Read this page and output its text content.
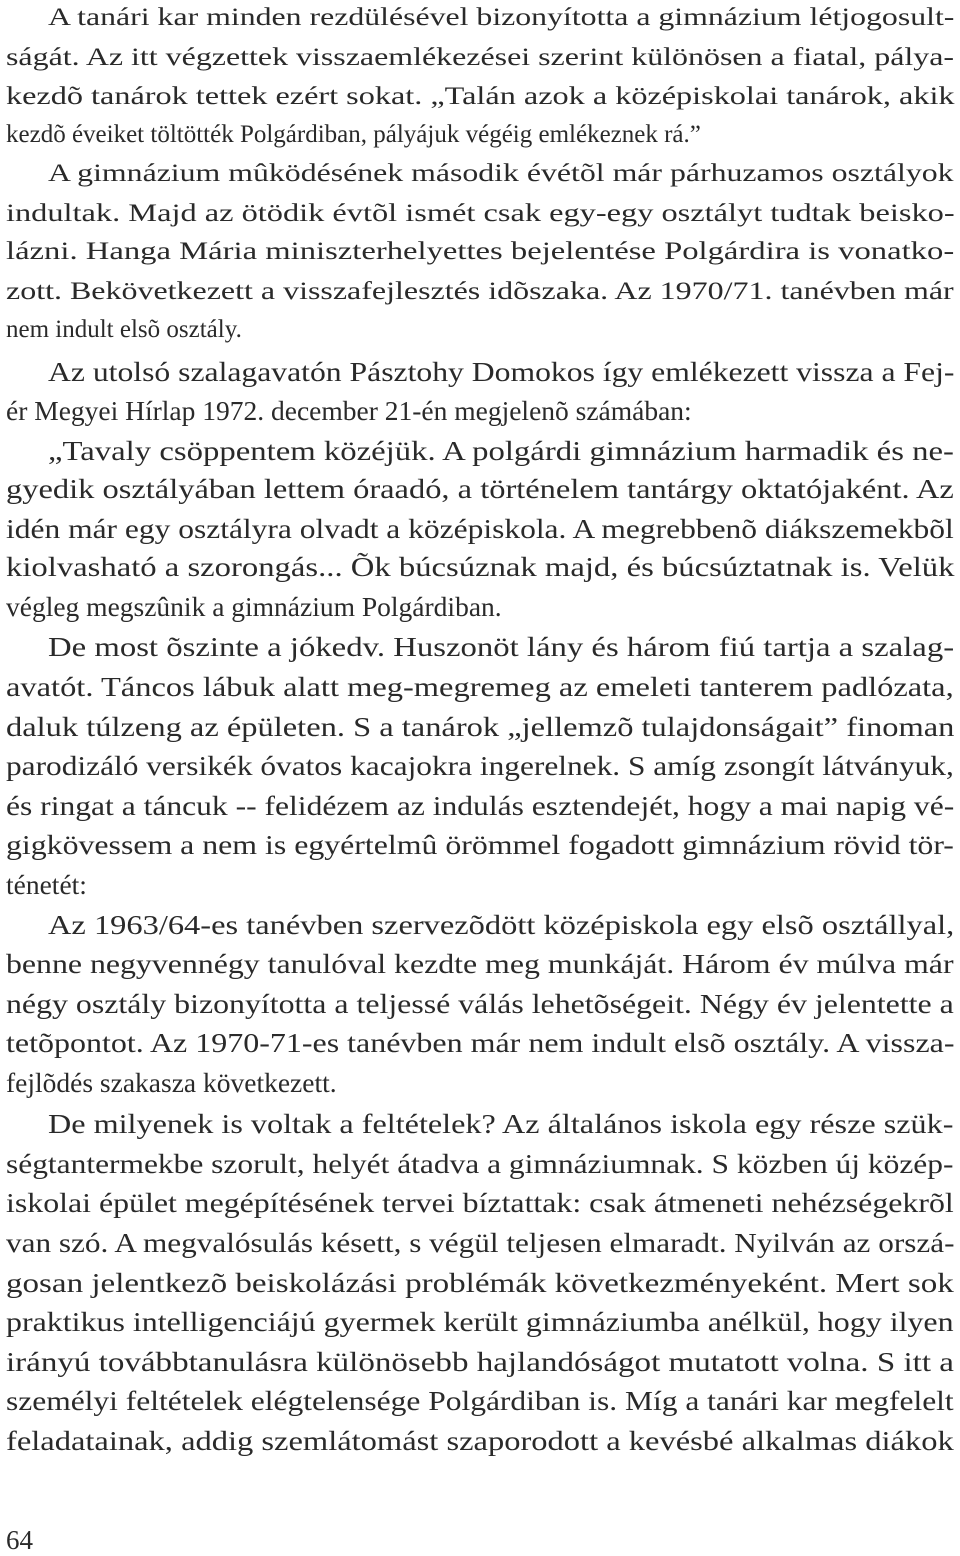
A tanári kar minden rezdülésével bizonyította a gimnázium létjogosult-
ságát. Az itt végzettek visszaemlékezései szerint különösen a fiatal, pálya-
kezdõ tanárok tettek ezért sokat. „Talán azok a középiskolai tanárok, akik
kezdõ éveiket töltötték Polgárdiban, pályájuk végéig emlékeznek rá.”
A gimnázium mûködésének második évétõl már párhuzamos osztályok
indultak. Majd az ötödik évtõl ismét csak egy-egy osztályt tudtak beisko-
lázni. Hanga Mária miniszterhelyettes bejelentése Polgárdira is vonatko-
zott. Bekövetkezett a visszafejlesztés idõszaka. Az 1970/71. tanévben már
nem indult elsõ osztály.
Az utolsó szalagavatón Pásztohy Domokos így emlékezett vissza a Fej-
ér Megyei Hírlap 1972. december 21-én megjelenõ számában:
„Tavaly csöppentem közéjük. A polgárdi gimnázium harmadik és ne-
gyedik osztályában lettem óraadó, a történelem tantárgy oktatójaként. Az
idén már egy osztályra olvadt a középiskola. A megrebbenõ diákszemekbõl
kiolvasható a szorongás... Õk búcsúznak majd, és búcsúztatnak is. Velük
végleg megszûnik a gimnázium Polgárdiban.
De most õszinte a jókedv. Huszonöt lány és három fiú tartja a szalag-
avatót. Táncos lábuk alatt meg-megremeg az emeleti tanterem padlózata,
daluk túlzeng az épületen. S a tanárok „jellemzõ tulajdonságait” finoman
parodizáló versikék óvatos kacajokra ingerelnek. S amíg zsongít látványuk,
és ringat a táncuk -- felidézem az indulás esztendejét, hogy a mai napig vé-
gigkövessem a nem is egyértelmû örömmel fogadott gimnázium rövid tör-
ténetét:
Az 1963/64-es tanévben szervezõdött középiskola egy elsõ osztállyal,
benne negyvennégy tanulóval kezdte meg munkáját. Három év múlva már
négy osztály bizonyította a teljessé válás lehetõségeit. Négy év jelentette a
tetõpontot. Az 1970-71-es tanévben már nem indult elsõ osztály. A vissza-
fejlõdés szakasza következett.
De milyenek is voltak a feltételek? Az általános iskola egy része szük-
ségtantermekbe szorult, helyét átadva a gimnáziumnak. S közben új közép-
iskolai épület megépítésének tervei bíztattak: csak átmeneti nehézségekrõl
van szó. A megvalósulás késett, s végül teljesen elmaradt. Nyilván az orszá-
gosan jelentkezõ beiskolázási problémák következményeként. Mert sok
praktikus intelligenciájú gyermek került gimnáziumba anélkül, hogy ilyen
irányú továbbtanulásra különösebb hajlandóságot mutatott volna. S itt a
személyi feltételek elégtelensége Polgárdiban is. Míg a tanári kar megfelelt
feladatainak, addig szemlátomást szaporodott a kevésbé alkalmas diákok
64
